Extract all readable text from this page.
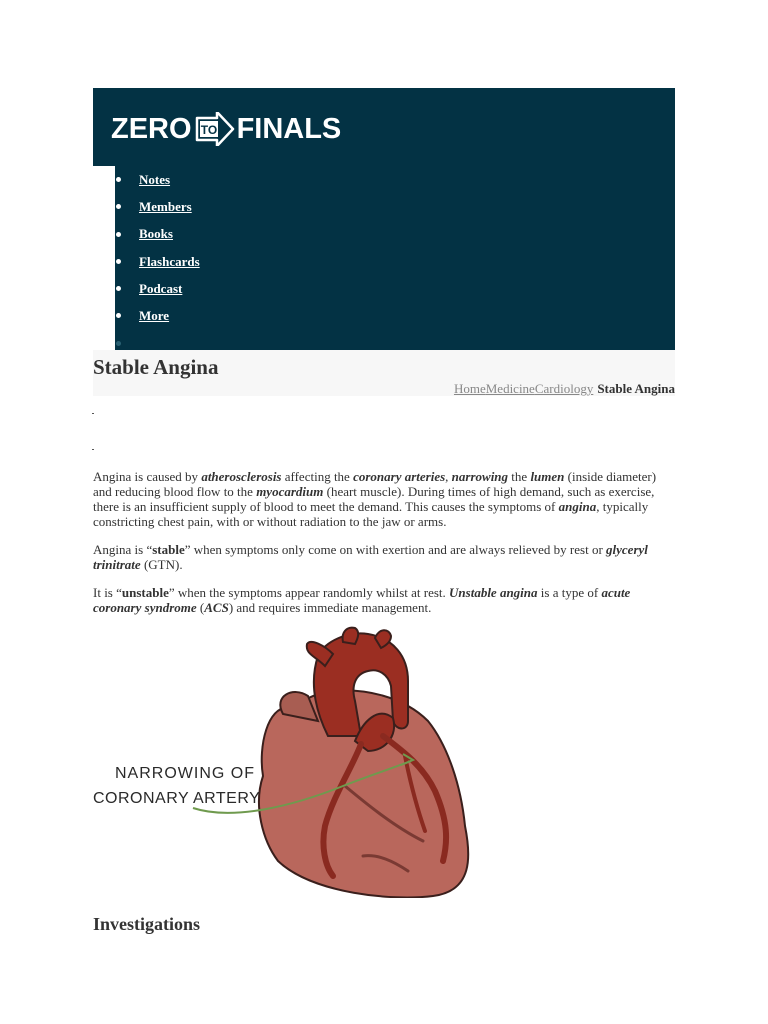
ZERO TO FINALS
Notes
Members
Books
Flashcards
Podcast
More
Stable Angina
HomeMedicineCardiology Stable Angina

Angina is caused by atherosclerosis affecting the coronary arteries, narrowing the lumen (inside diameter) and reducing blood flow to the myocardium (heart muscle). During times of high demand, such as exercise, there is an insufficient supply of blood to meet the demand. This causes the symptoms of angina, typically constricting chest pain, with or without radiation to the jaw or arms.

Angina is “stable” when symptoms only come on with exertion and are always relieved by rest or glyceryl trinitrate (GTN).

It is “unstable” when the symptoms appear randomly whilst at rest. Unstable angina is a type of acute coronary syndrome (ACS) and requires immediate management.

NARROWING OF
CORONARY ARTERY
Investigations
